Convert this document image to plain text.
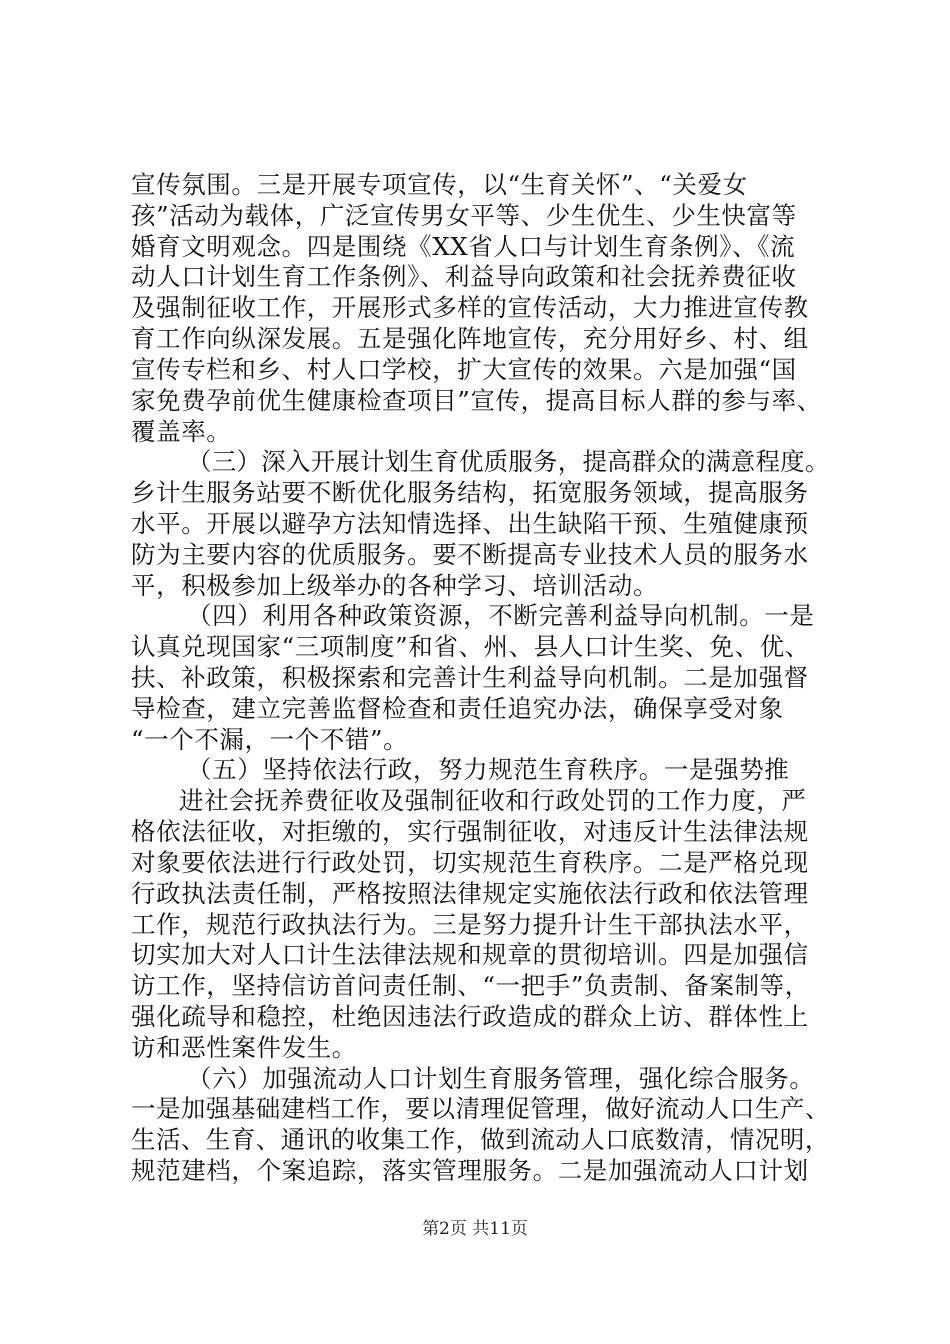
宣传氛围。三是开展专项宣传，以“生育关怀”、“关爱女
孩”活动为载体，广泛宣传男女平等、少生优生、少生快富等
婚育文明观念。四是围绕《XX省人口与计划生育条例》、《流
动人口计划生育工作条例》、利益导向政策和社会抚养费征收
及强制征收工作，开展形式多样的宣传活动，大力推进宣传教
育工作向纵深发展。五是强化阵地宣传，充分用好乡、村、组
宣传专栏和乡、村人口学校，扩大宣传的效果。六是加强“国
家免费孕前优生健康检查项目”宣传，提高目标人群的参与率、
覆盖率。
（三）深入开展计划生育优质服务，提高群众的满意程度。
乡计生服务站要不断优化服务结构，拓宽服务领域，提高服务
水平。开展以避孕方法知情选择、出生缺陷干预、生殖健康预
防为主要内容的优质服务。要不断提高专业技术人员的服务水
平，积极参加上级举办的各种学习、培训活动。
（四）利用各种政策资源，不断完善利益导向机制。一是
认真兑现国家“三项制度”和省、州、县人口计生奖、免、优、
扶、补政策，积极探索和完善计生利益导向机制。二是加强督
导检查，建立完善监督检查和责任追究办法，确保享受对象
“一个不漏，一个不错”。
（五）坚持依法行政，努力规范生育秩序。一是强势推
进社会抚养费征收及强制征收和行政处罚的工作力度，严
格依法征收，对拒缴的，实行强制征收，对违反计生法律法规
对象要依法进行行政处罚，切实规范生育秩序。二是严格兑现
行政执法责任制，严格按照法律规定实施依法行政和依法管理
工作，规范行政执法行为。三是努力提升计生干部执法水平，
切实加大对人口计生法律法规和规章的贯彻培训。四是加强信
访工作，坚持信访首问责任制、“一把手”负责制、备案制等，
强化疏导和稳控，杜绝因违法行政造成的群众上访、群体性上
访和恶性案件发生。
（六）加强流动人口计划生育服务管理，强化综合服务。
一是加强基础建档工作，要以清理促管理，做好流动人口生产、
生活、生育、通讯的收集工作，做到流动人口底数清，情况明，
规范建档，个案追踪，落实管理服务。二是加强流动人口计划
第2页 共11页
